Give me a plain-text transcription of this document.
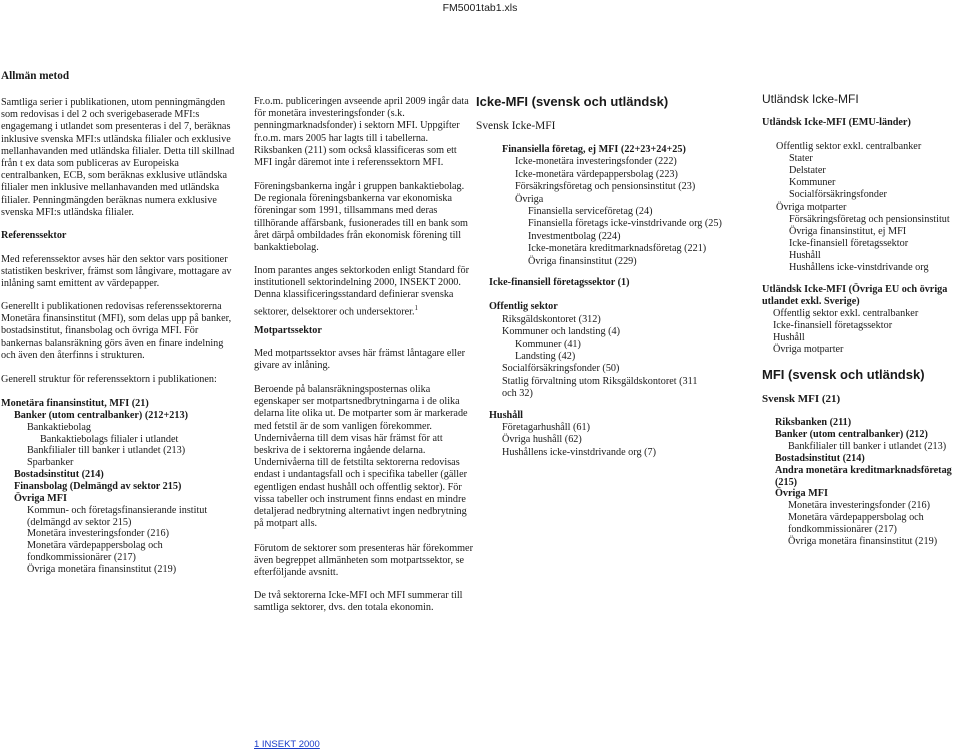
FM5001tab1.xls

Allmän metod

Samtliga serier i publikationen, utom penningmängden som redovisas i del 2 och sverigebaserade MFI:s engagemang i utlandet som presenteras i del 7, beräknas inklusive svenska MFI:s utländska filialer och exklusive mellanhavanden med utländska filialer. Detta till skillnad från t ex data som publiceras av Europeiska centralbanken, ECB, som beräknas exklusive utländska filialer men inklusive mellanhavanden med utländska filialer. Penningmängden beräknas numera exklusive svenska MFI:s utländska filialer.

Referenssektor

Med referenssektor avses här den sektor vars positioner statistiken beskriver, främst som långivare, mottagare av inlåning samt emittent av värdepapper.

Generellt i publikationen redovisas referenssektorerna Monetära finansinstitut (MFI), som delas upp på banker, bostadsinstitut, finansbolag och övriga MFI. För bankernas balansräkning görs även en finare indelning och även den återfinns i strukturen.

Generell struktur för referenssektorn i publikationen:

Monetära finansinstitut, MFI (21)

Banker (utom centralbanker) (212+213)

Bankaktiebolag

Bankaktiebolags filialer i utlandet

Bankfilialer till banker i utlandet (213)

Sparbanker

Bostadsinstitut (214)

Finansbolag (Delmängd av sektor 215)

Övriga MFI

Kommun- och företagsfinansierande institut

(delmängd av sektor 215)

Monetära investeringsfonder (216)

Monetära värdepappersbolag och

fondkommissionärer (217)

Övriga monetära finansinstitut (219)

Fr.o.m. publiceringen avseende april 2009 ingår data för monetära investeringsfonder (s.k. penningmarknadsfonder) i sektorn MFI. Uppgifter fr.o.m. mars 2005 har lagts till i tabellerna. Riksbanken (211) som också klassificeras som ett MFI ingår däremot inte i referenssektorn MFI.

Föreningsbankerna ingår i gruppen bankaktiebolag. De regionala föreningsbankerna var ekonomiska föreningar som 1991, tillsammans med deras tillhörande affärsbank, fusionerades till en bank som året därpå ombildades från ekonomisk förening till bankaktiebolag.

Inom parantes anges sektorkoden enligt Standard för institutionell sektorindelning 2000, INSEKT 2000. Denna klassificeringsstandard definierar svenska sektorer, delsektorer och undersektorer.$^1$

Motpartssektor

Med motpartssektor avses här främst låntagare eller givare av inlåning.

Beroende på balansräkningsposternas olika egenskaper ser motpartsnedbrytningarna i de olika delarna lite olika ut. De motparter som är markerade med fetstil är de som vanligen förekommer. Undernivåerna till dem visas här främst för att beskriva de i sektorerna ingående delarna. Undernivåerna till de fetstilta sektorerna redovisas endast i undantagsfall och i specifika tabeller (gäller egentligen endast hushåll och offentlig sektor). För vissa tabeller och instrument finns endast en mindre detaljerad nedbrytning alternativt ingen nedbrytning på motpart alls.

Förutom de sektorer som presenteras här förekommer även begreppet allmänheten som motpartssektor, se efterföljande avsnitt.

De två sektorerna Icke-MFI och MFI summerar till samtliga sektorer, dvs. den totala ekonomin.

Icke-MFI (svensk och utländsk)

Svensk Icke-MFI

Finansiella företag, ej MFI (22+23+24+25)

Icke-monetära investeringsfonder (222)

Icke-monetära värdepappersbolag (223)

Försäkringsföretag och pensionsinstitut (23)

Övriga

Finansiella serviceföretag (24)

Finansiella företags icke-vinstdrivande org (25)

Investmentbolag (224)

Icke-monetära kreditmarknadsföretag (221)

Övriga finansinstitut (229)

Icke-finansiell företagssektor (1)

Offentlig sektor

Riksgäldskontoret (312)

Kommuner och landsting (4)

Kommuner (41)

Landsting (42)

Socialförsäkringsfonder (50)

Statlig förvaltning utom Riksgäldskontoret (311

och 32)

Hushåll

Företagarhushåll (61)

Övriga hushåll (62)

Hushållens icke-vinstdrivande org (7)

Utländsk Icke-MFI

Utländsk Icke-MFI (EMU-länder)

Offentlig sektor exkl. centralbanker

Stater

Delstater

Kommuner

Socialförsäkringsfonder

Övriga motparter

Försäkringsföretag och pensionsinstitut

Övriga finansinstitut, ej MFI

Icke-finansiell företagssektor

Hushåll

Hushållens icke-vinstdrivande org

Utländsk Icke-MFI (Övriga EU och övriga utlandet exkl. Sverige)

Offentlig sektor exkl. centralbanker

Icke-finansiell företagssektor

Hushåll

Övriga motparter

MFI (svensk och utländsk)

Svensk MFI (21)

Riksbanken (211)

Banker (utom centralbanker) (212)

Bankfilialer till banker i utlandet (213)

Bostadsinstitut (214)

Andra monetära kreditmarknadsföretag

(215)

Övriga MFI

Monetära investeringsfonder (216)

Monetära värdepappersbolag och

fondkommissionärer (217)

Övriga monetära finansinstitut (219)

1 INSEKT 2000
